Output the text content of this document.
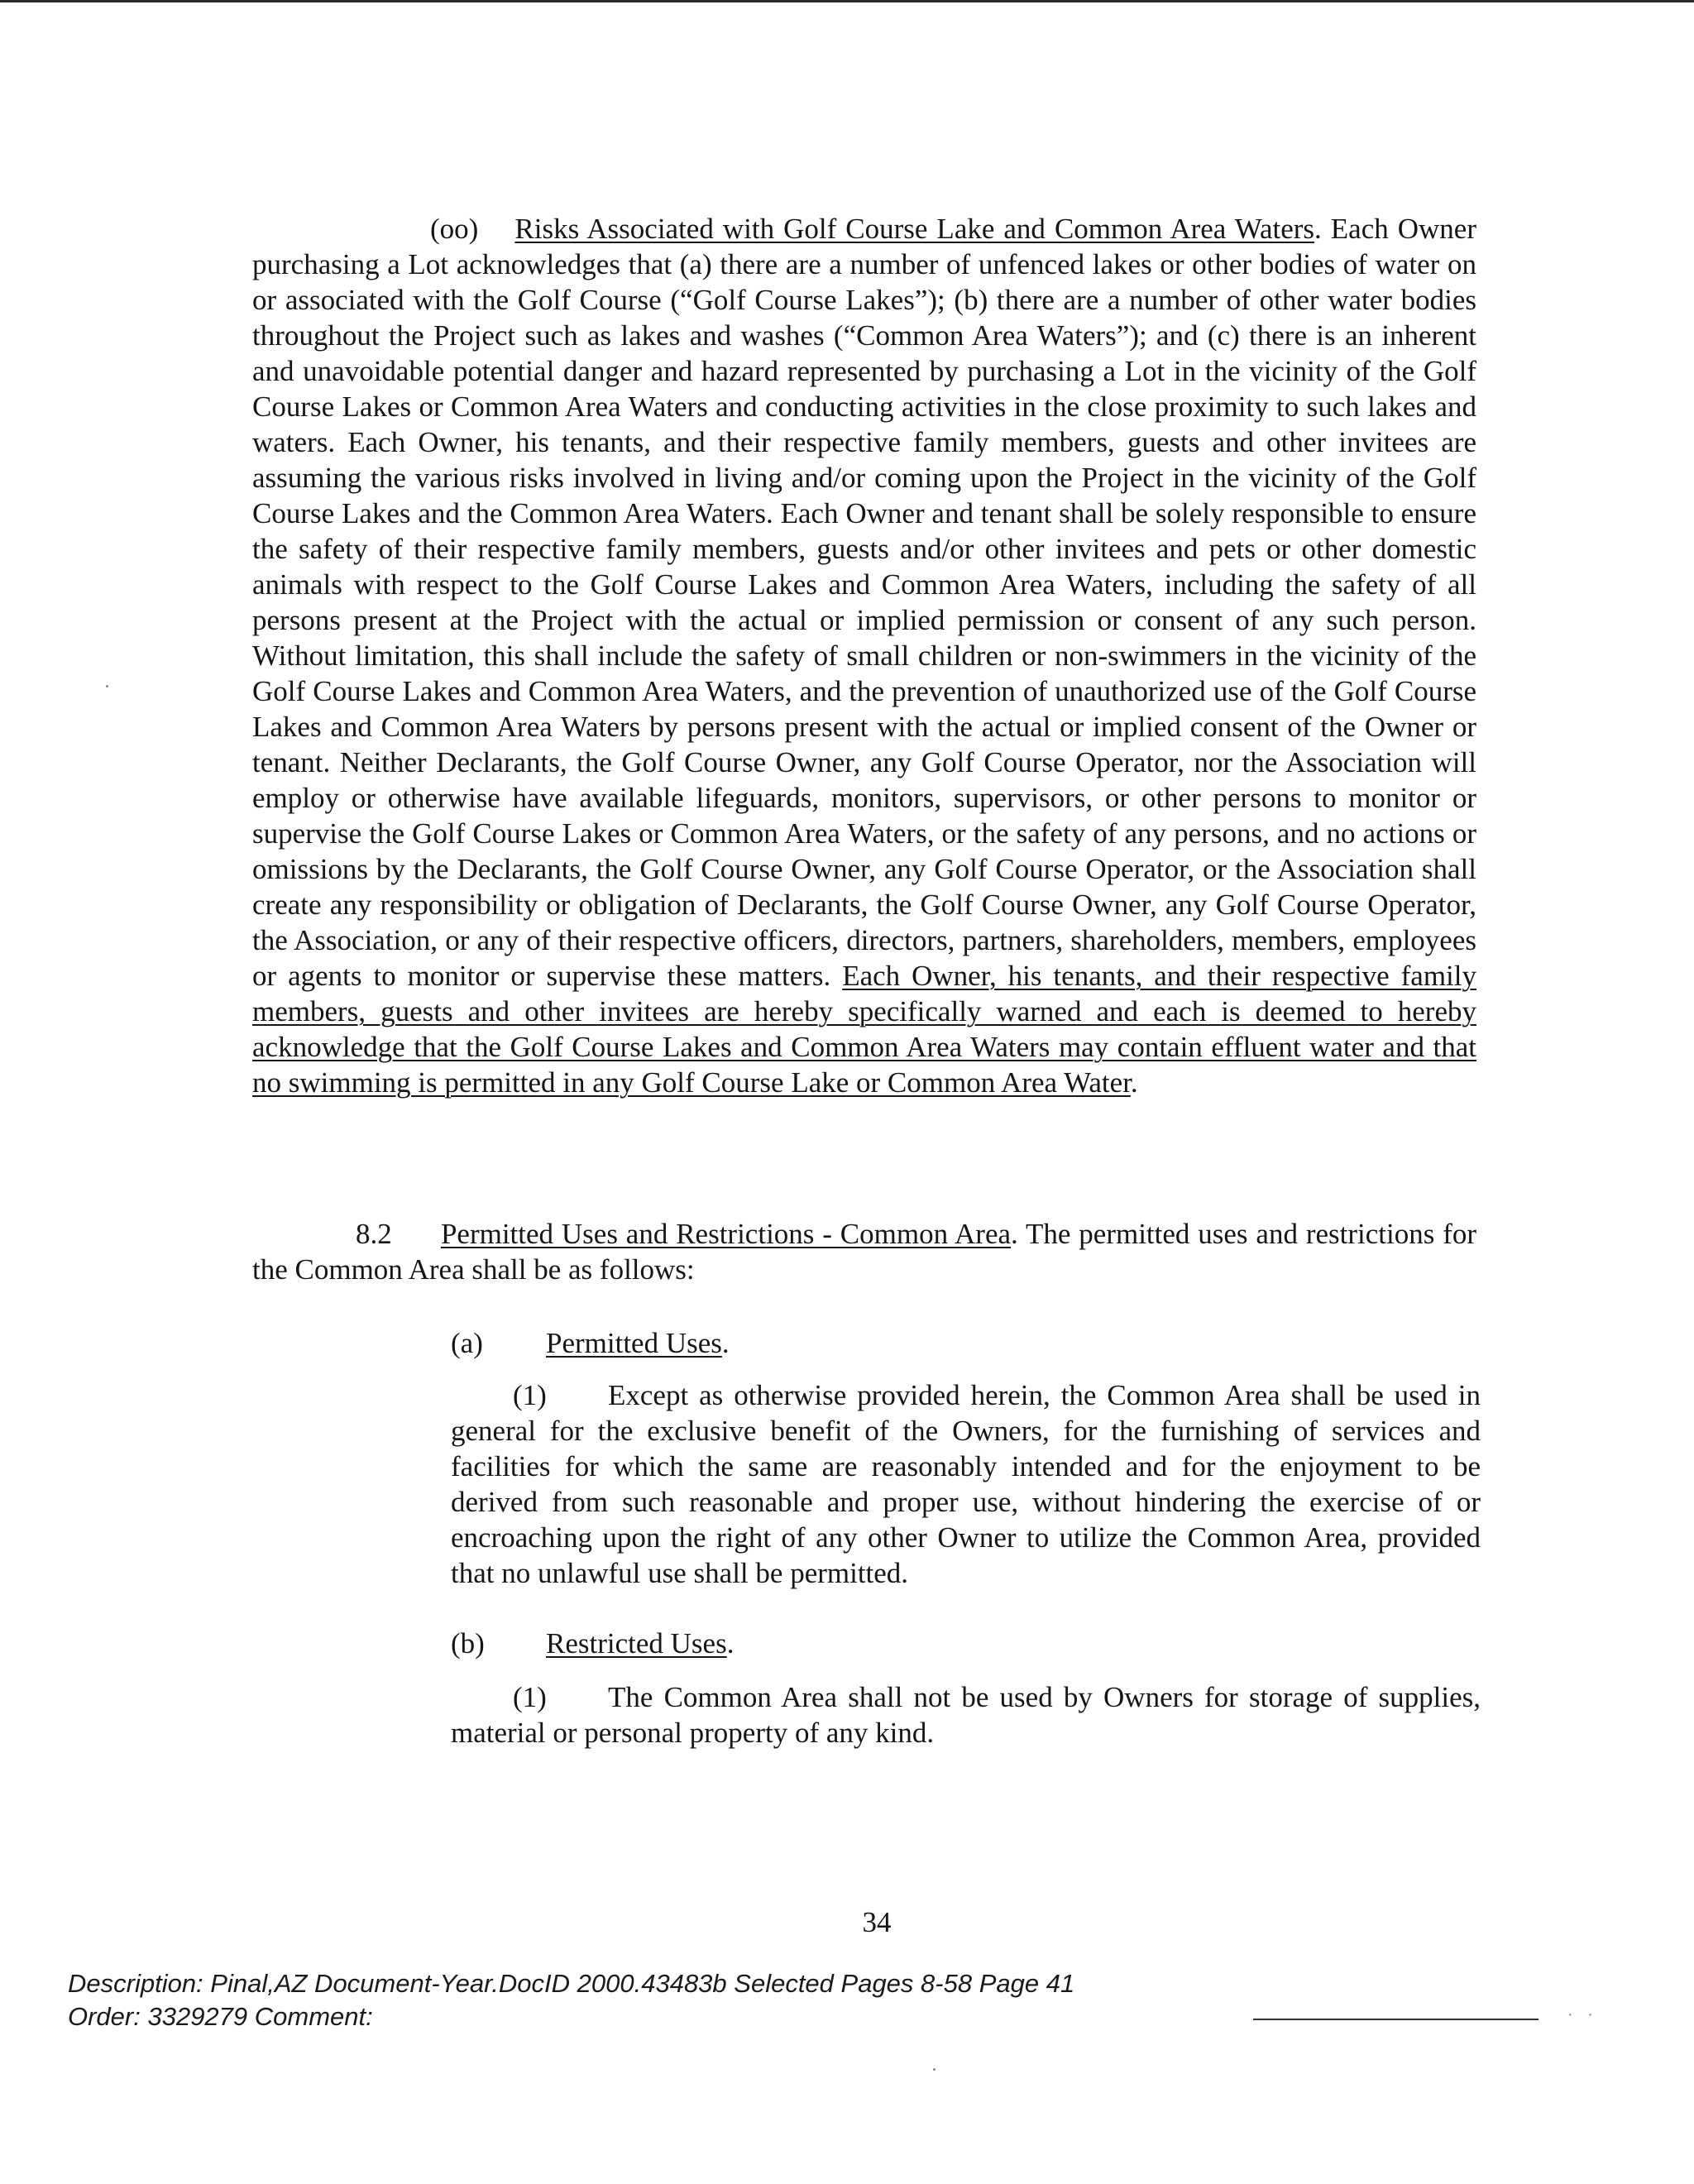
(oo) Risks Associated with Golf Course Lake and Common Area Waters. Each Owner purchasing a Lot acknowledges that (a) there are a number of unfenced lakes or other bodies of water on or associated with the Golf Course (“Golf Course Lakes”); (b) there are a number of other water bodies throughout the Project such as lakes and washes (“Common Area Waters”); and (c) there is an inherent and unavoidable potential danger and hazard represented by purchasing a Lot in the vicinity of the Golf Course Lakes or Common Area Waters and conducting activities in the close proximity to such lakes and waters. Each Owner, his tenants, and their respective family members, guests and other invitees are assuming the various risks involved in living and/or coming upon the Project in the vicinity of the Golf Course Lakes and the Common Area Waters. Each Owner and tenant shall be solely responsible to ensure the safety of their respective family members, guests and/or other invitees and pets or other domestic animals with respect to the Golf Course Lakes and Common Area Waters, including the safety of all persons present at the Project with the actual or implied permission or consent of any such person. Without limitation, this shall include the safety of small children or non-swimmers in the vicinity of the Golf Course Lakes and Common Area Waters, and the prevention of unauthorized use of the Golf Course Lakes and Common Area Waters by persons present with the actual or implied consent of the Owner or tenant. Neither Declarants, the Golf Course Owner, any Golf Course Operator, nor the Association will employ or otherwise have available lifeguards, monitors, supervisors, or other persons to monitor or supervise the Golf Course Lakes or Common Area Waters, or the safety of any persons, and no actions or omissions by the Declarants, the Golf Course Owner, any Golf Course Operator, or the Association shall create any responsibility or obligation of Declarants, the Golf Course Owner, any Golf Course Operator, the Association, or any of their respective officers, directors, partners, shareholders, members, employees or agents to monitor or supervise these matters. Each Owner, his tenants, and their respective family members, guests and other invitees are hereby specifically warned and each is deemed to hereby acknowledge that the Golf Course Lakes and Common Area Waters may contain effluent water and that no swimming is permitted in any Golf Course Lake or Common Area Water.

8.2 Permitted Uses and Restrictions - Common Area. The permitted uses and restrictions for the Common Area shall be as follows:

(a) Permitted Uses.

(1) Except as otherwise provided herein, the Common Area shall be used in general for the exclusive benefit of the Owners, for the furnishing of services and facilities for which the same are reasonably intended and for the enjoyment to be derived from such reasonable and proper use, without hindering the exercise of or encroaching upon the right of any other Owner to utilize the Common Area, provided that no unlawful use shall be permitted.

(b) Restricted Uses.

(1) The Common Area shall not be used by Owners for storage of supplies, material or personal property of any kind.

34
Description: Pinal,AZ Document-Year.DocID 2000.43483b Selected Pages 8-58 Page 41
Order: 3329279 Comment:	· ·
